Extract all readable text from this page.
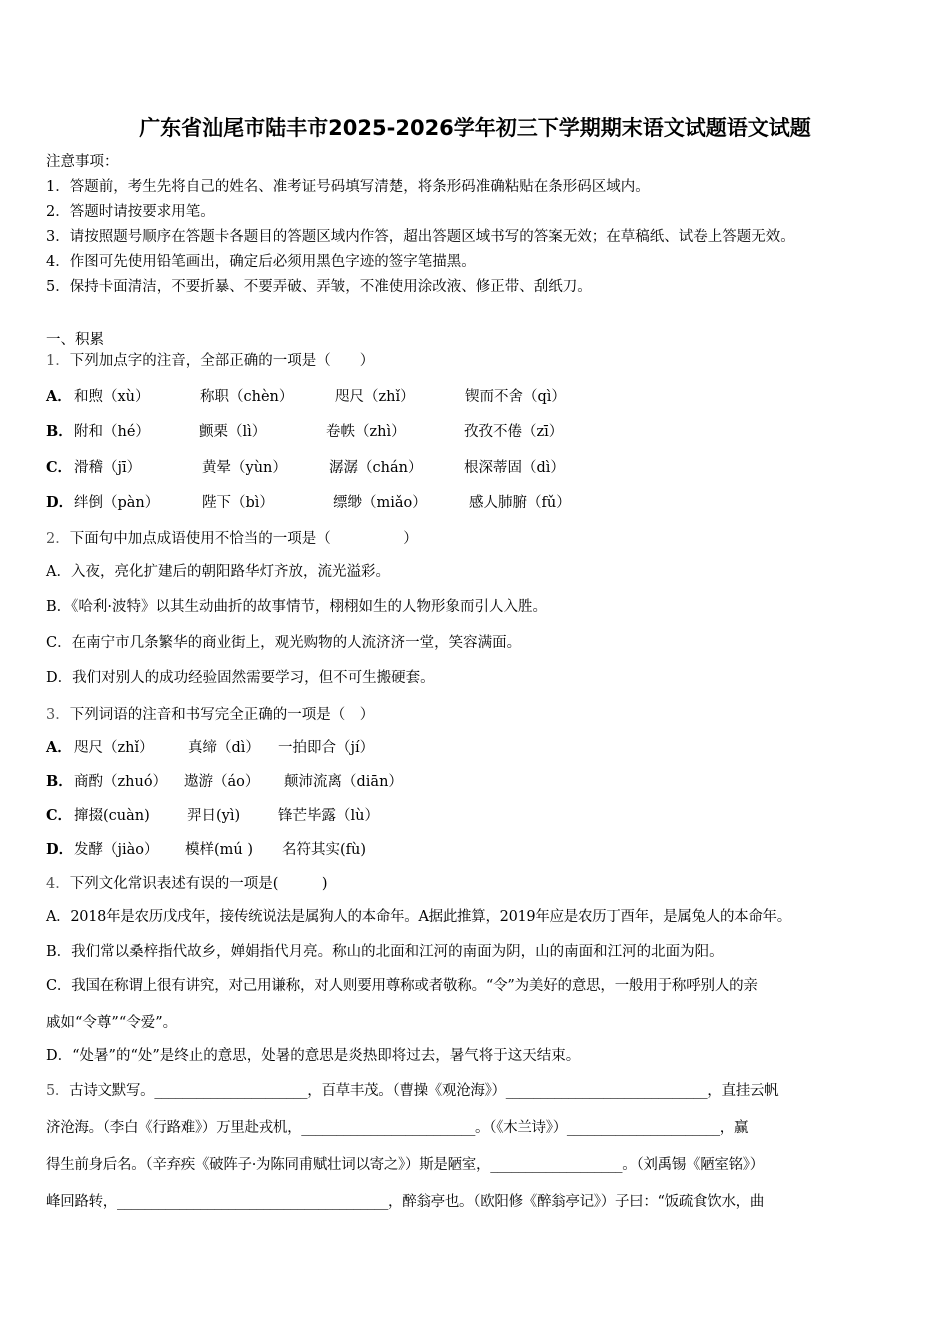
广东省汕尾市陆丰市2025-2026学年初三下学期期末语文试题语文试题
注意事项：
1．答题前，考生先将自己的姓名、准考证号码填写清楚，将条形码准确粘贴在条形码区域内。
2．答题时请按要求用笔。
3．请按照题号顺序在答题卡各题目的答题区域内作答，超出答题区域书写的答案无效；在草稿纸、试卷上答题无效。
4．作图可先使用铅笔画出，确定后必须用黑色字迹的签字笔描黑。
5．保持卡面清洁，不要折暴、不要弄破、弄皱，不准使用涂改液、修正带、刮纸刀。
一、积累
1．下列加点字的注音，全部正确的一项是（　　）
A． 和煦（xù）	称职（chèn）	咫尺（zhǐ）	锲而不舍（qì）
B． 附和（hé）	颤栗（lì）	卷帙（zhì）	孜孜不倦（zī）
C． 滑稽（jī）	黄晕（yùn）	潺潺（chán）	根深蒂固（dì）
D． 绊倒（pàn）	陛下（bì）	缥缈（miǎo）	感人肺腑（fǔ）
2．下面句中加点成语使用不恰当的一项是（　　　　　）
A．入夜，亮化扩建后的朝阳路华灯齐放，流光溢彩。
B．《哈利·波特》以其生动曲折的故事情节，栩栩如生的人物形象而引人入胜。
C．在南宁市几条繁华的商业街上，观光购物的人流济济一堂，笑容满面。
D．我们对别人的成功经验固然需要学习，但不可生搬硬套。
3．下列词语的注音和书写完全正确的一项是（　）
A． 咫尺（zhǐ） 真缔（dì） 一拍即合（jí）
B． 商酌（zhuó） 遨游（áo） 颠沛流离（diān）
C． 撺掇(cuàn)	羿日(yì)	锋芒毕露（lù）
D． 发酵（jiào） 模样(mú ) 名符其实(fù)
4．下列文化常识表述有误的一项是(　　　)
A．2018年是农历戊戌年，接传统说法是属狗人的本命年。A据此推算，2019年应是农历丁酉年，是属兔人的本命年。
B．我们常以桑梓指代故乡，婵娟指代月亮。称山的北面和江河的南面为阴，山的南面和江河的北面为阳。
C．我国在称谓上很有讲究，对己用谦称，对人则要用尊称或者敬称。“令”为美好的意思，一般用于称呼别人的亲
戚如“令尊”“令爱”。
D．“处暑”的“处”是终止的意思，处暑的意思是炎热即将过去，暑气将于这天结束。
5．古诗文默写。______________________，百草丰茂。（曹操《观沧海》）_____________________________，直挂云帆
济沧海。（李白《行路难》）万里赴戎机，_________________________。（《木兰诗》）______________________，赢
得生前身后名。（辛弃疾《破阵子·为陈同甫赋壮词以寄之》）斯是陋室，___________________。（刘禹锡《陋室铭》）
峰回路转，_______________________________________，醉翁亭也。（欧阳修《醉翁亭记》）子曰：“饭疏食饮水，曲
